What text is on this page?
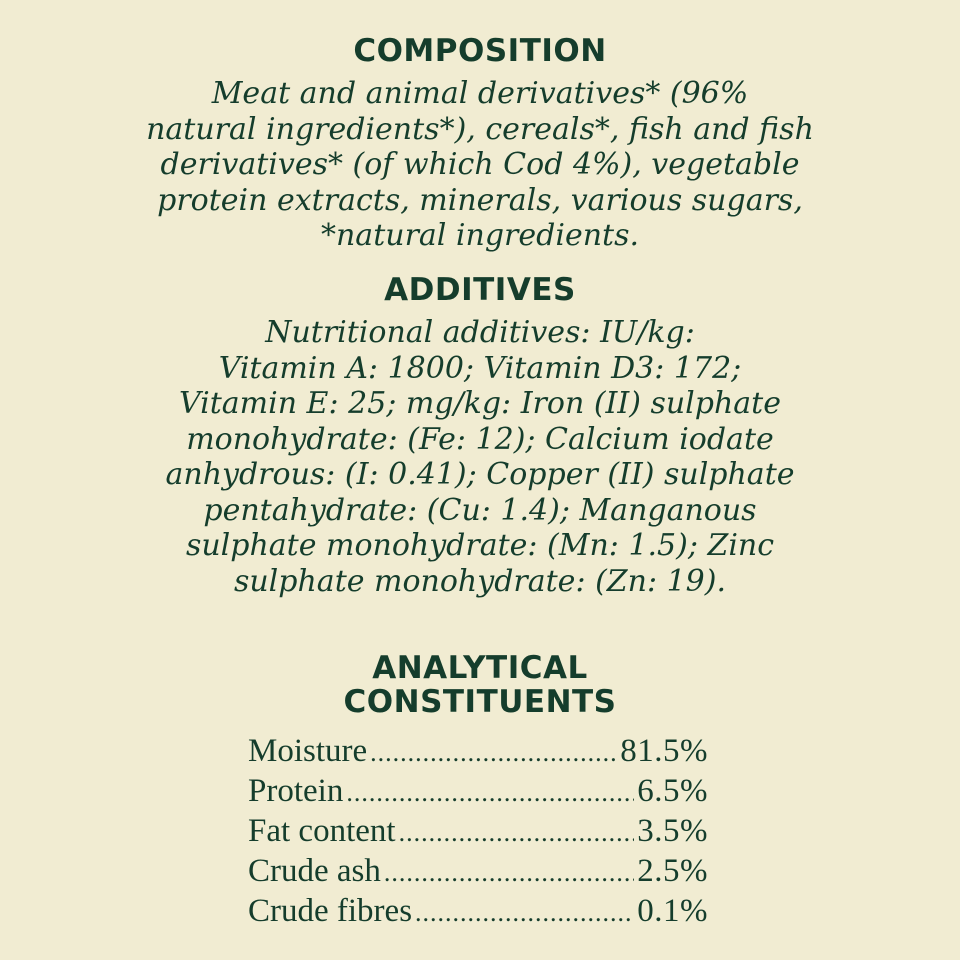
COMPOSITION
Meat and animal derivatives* (96%
natural ingredients*), cereals*, fish and fish
derivatives* (of which Cod 4%), vegetable
protein extracts, minerals, various sugars,
*natural ingredients.
ADDITIVES
Nutritional additives: IU/kg:
Vitamin A: 1800; Vitamin D3: 172;
Vitamin E: 25; mg/kg: Iron (II) sulphate
monohydrate: (Fe: 12); Calcium iodate
anhydrous: (I: 0.41); Copper (II) sulphate
pentahydrate: (Cu: 1.4); Manganous
sulphate monohydrate: (Mn: 1.5); Zinc
sulphate monohydrate: (Zn: 19).
ANALYTICAL
CONSTITUENTS
Moisture .....	81.5%
Protein .....	6.5%
Fat content .....	3.5%
Crude ash .....	2.5%
Crude fibres .....	0.1%
